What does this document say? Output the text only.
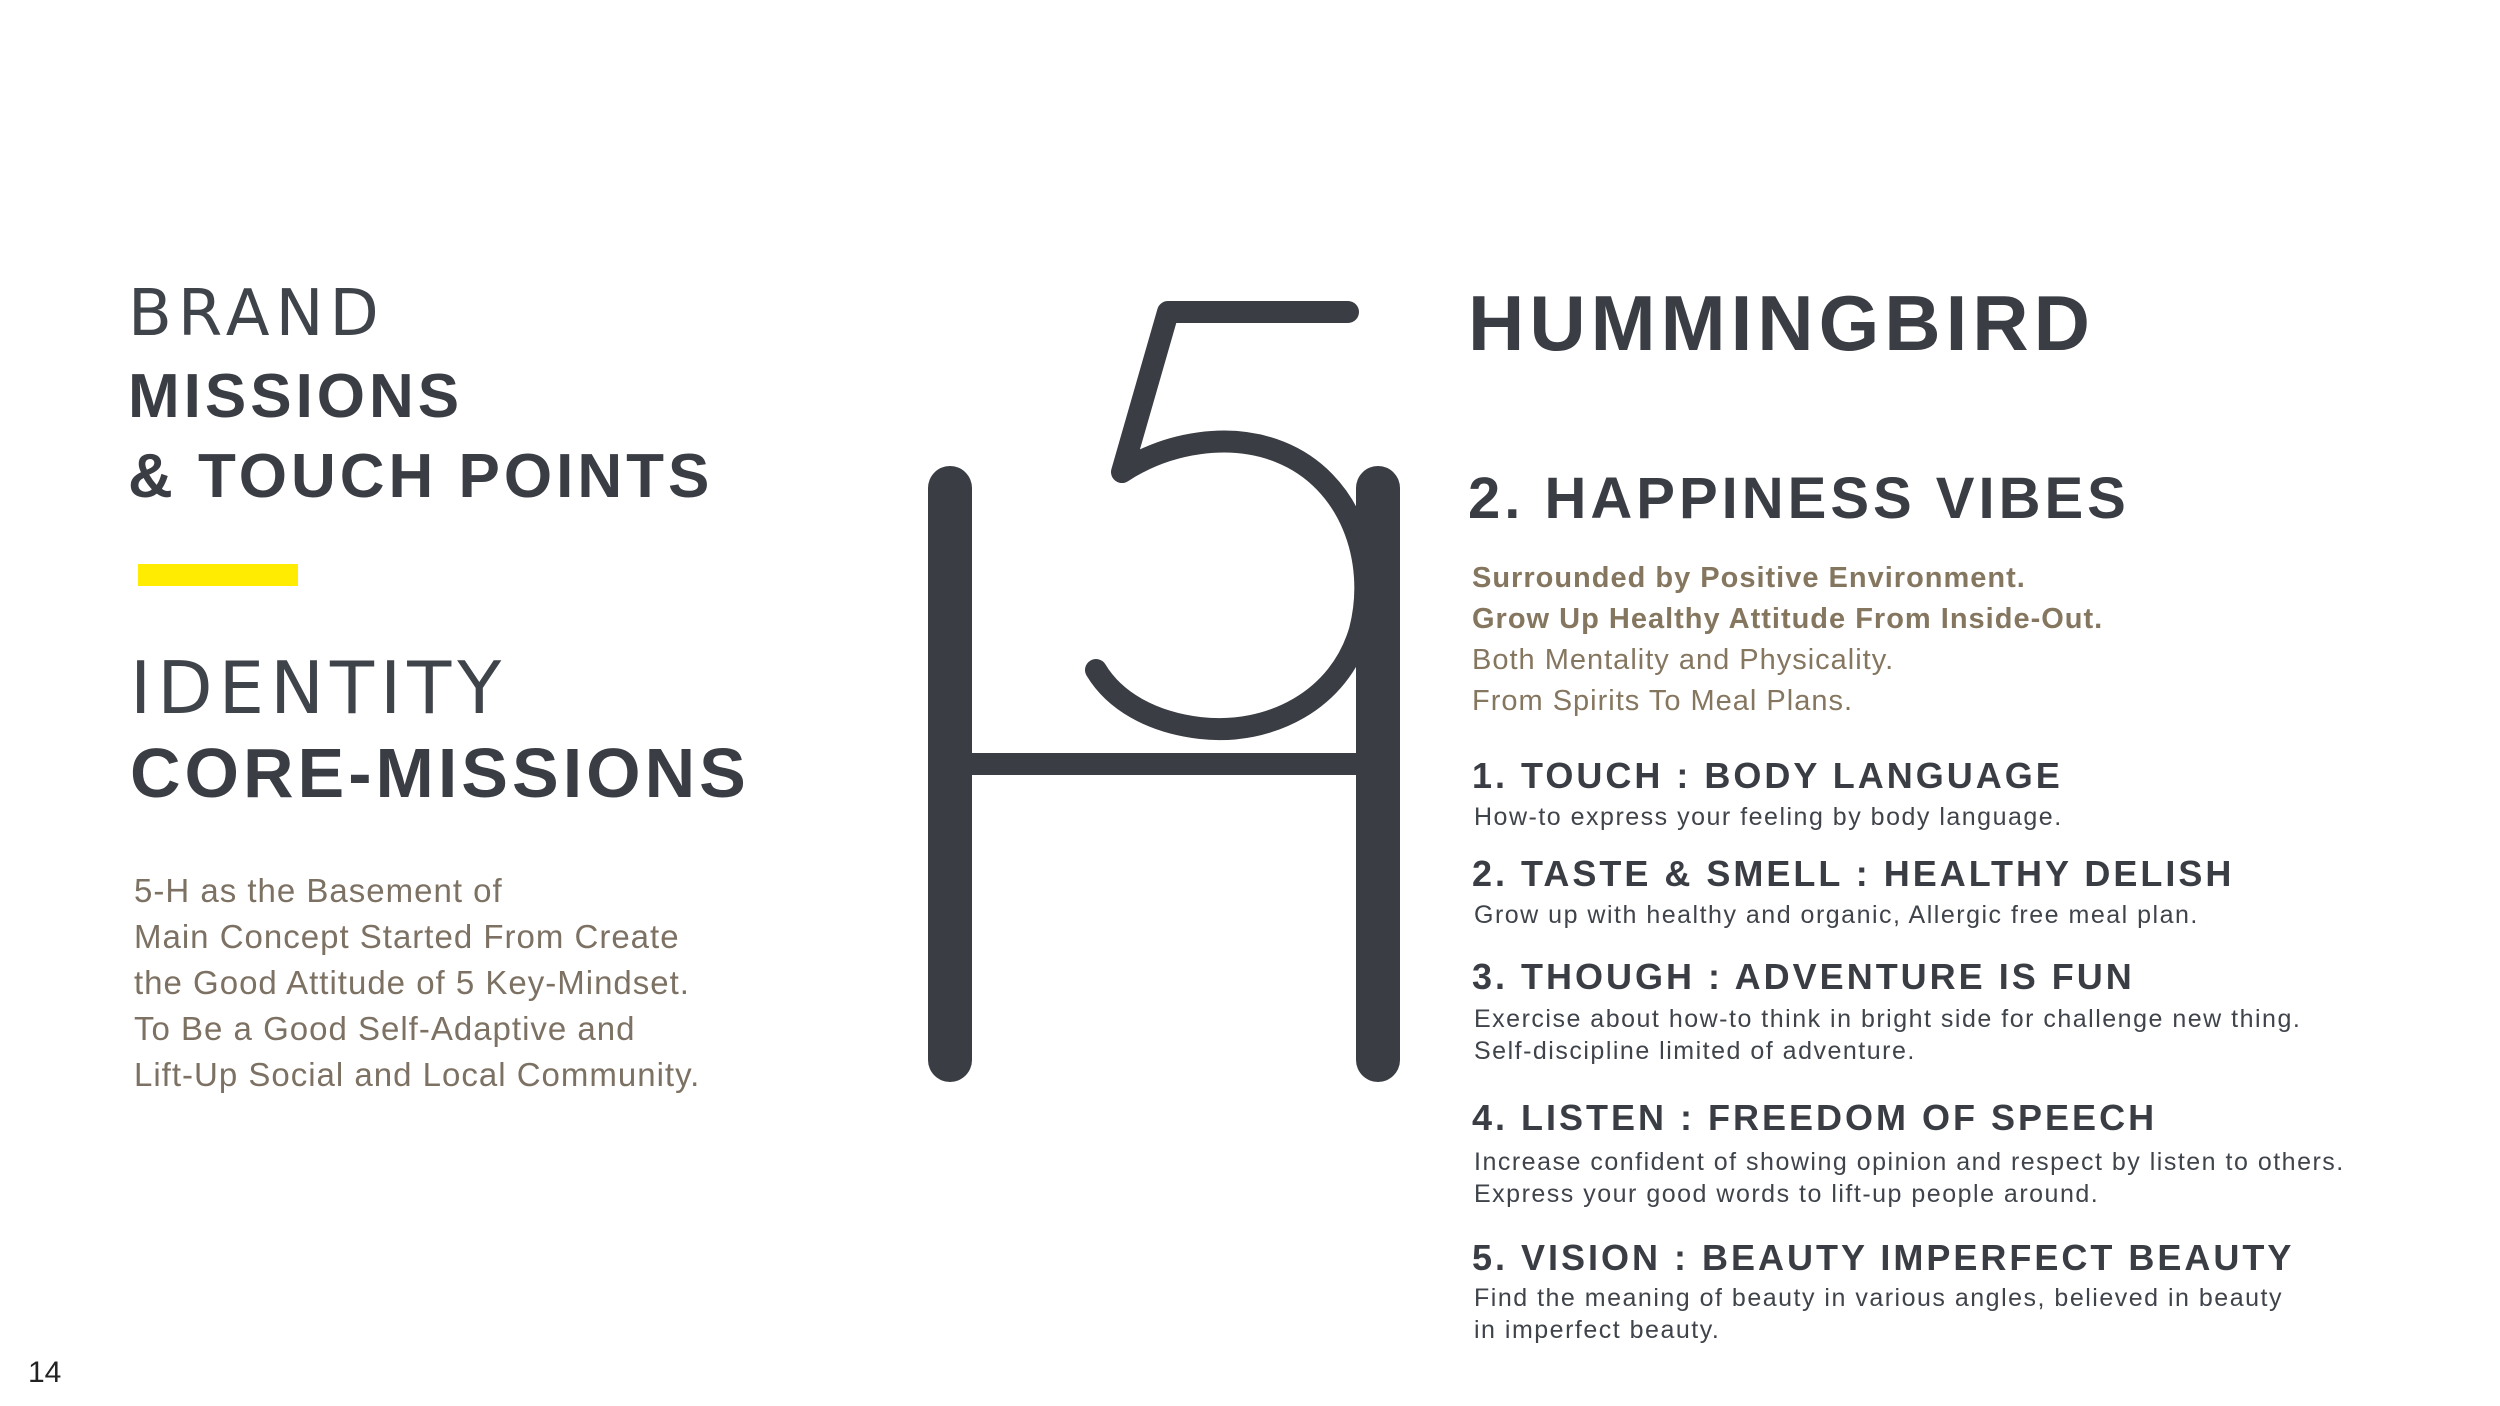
BRAND
MISSIONS
& TOUCH POINTS
IDENTITY
CORE-MISSIONS
5-H as the Basement of
Main Concept Started From Create
the Good Attitude of 5 Key-Mindset.
To Be a Good Self-Adaptive and
Lift-Up Social and Local Community.
HUMMINGBIRD
2. HAPPINESS VIBES
Surrounded by Positive Environment.
Grow Up Healthy Attitude From Inside-Out.
Both Mentality and Physicality.
From Spirits To Meal Plans.
1. TOUCH : BODY LANGUAGE
How-to express your feeling by body language.
2. TASTE & SMELL : HEALTHY DELISH
Grow up with healthy and organic, Allergic free meal plan.
3. THOUGH : ADVENTURE IS FUN
Exercise about how-to think in bright side for challenge new thing.
Self-discipline limited of adventure.
4. LISTEN : FREEDOM OF SPEECH
Increase confident of showing opinion and respect by listen to others.
Express your good words to lift-up people around.
5. VISION : BEAUTY IMPERFECT BEAUTY
Find the meaning of beauty in various angles, believed in beauty
in imperfect beauty.
14
